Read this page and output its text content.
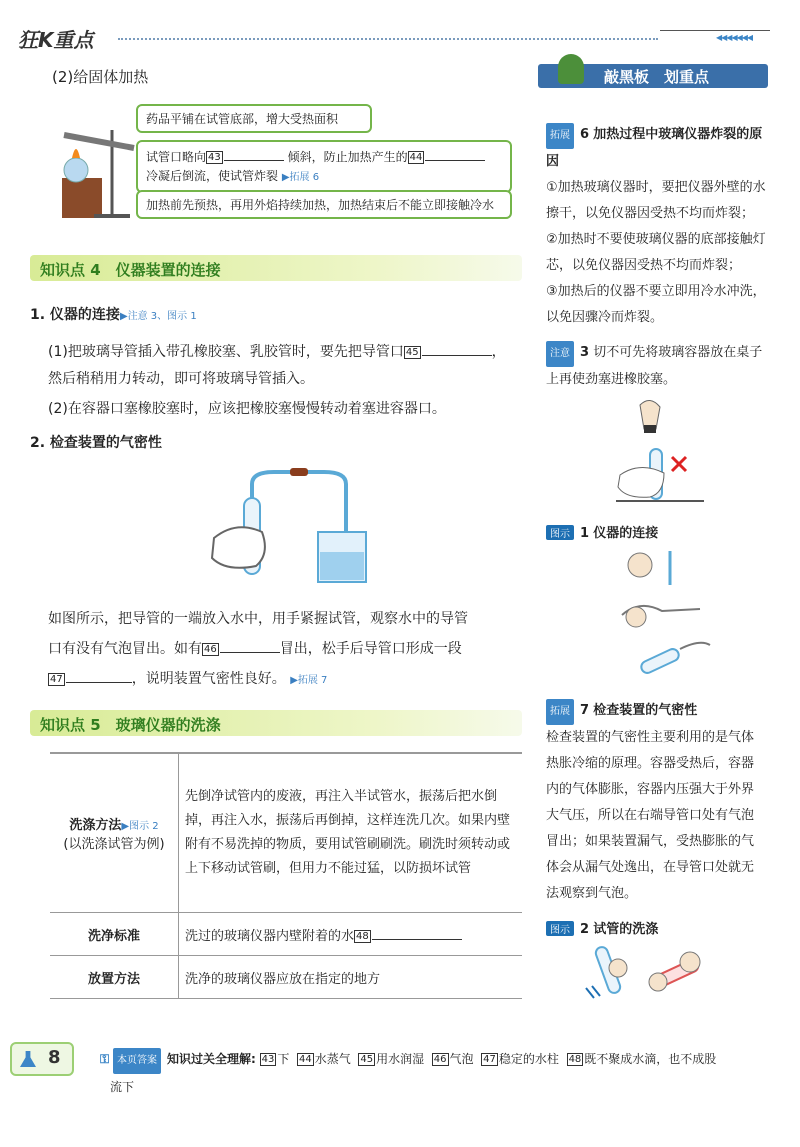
狂K重点	◀◀◀◀◀◀◀
(2)给固体加热
药品平铺在试管底部，增大受热面积
试管口略向 43	倾斜，防止加热产生的 44
冷凝后倒流，使试管炸裂 ▶拓展 6
加热前先预热，再用外焰持续加热，加热结束后不能立即接触冷水
知识点 4　仪器装置的连接
1. 仪器的连接▶注意 3、图示 1
(1)把玻璃导管插入带孔橡胶塞、乳胶管时，要先把导管口 45	，
然后稍稍用力转动，即可将玻璃导管插入。
(2)在容器口塞橡胶塞时，应该把橡胶塞慢慢转动着塞进容器口。
2. 检查装置的气密性
如图所示，把导管的一端放入水中，用手紧握试管，观察水中的导管
口有没有气泡冒出。如有 46	冒出，松手后导管口形成一段
47	，说明装置气密性良好。 ▶拓展 7
知识点 5　玻璃仪器的洗涤
洗涤方法▶图示 2
(以洗涤试管为例)	先倒净试管内的废液，再注入半试管水，振荡后把水倒掉，再注入水，振荡后再倒掉，这样连洗几次。如果内壁附有不易洗掉的物质，要用试管刷刷洗。刷洗时须转动或上下移动试管刷，但用力不能过猛，以防损坏试管
洗净标准	洗过的玻璃仪器内壁附着的水 48
放置方法	洗净的玻璃仪器应放在指定的地方
敲黑板　划重点

拓展 6 加热过程中玻璃仪器炸裂的原因

①加热玻璃仪器时，要把仪器外壁的水擦干，以免仪器因受热不均而炸裂；

②加热时不要使玻璃仪器的底部接触灯芯，以免仪器因受热不均而炸裂；

③加热后的仪器不要立即用冷水冲洗，以免因骤冷而炸裂。

注意 3 切不可先将玻璃容器放在桌子上再使劲塞进橡胶塞。

图示 1 仪器的连接

拓展 7 检查装置的气密性

检查装置的气密性主要利用的是气体热胀冷缩的原理。容器受热后，容器内的气体膨胀，容器内压强大于外界大气压，所以在右端导管口处有气泡冒出；如果装置漏气，受热膨胀的气体会从漏气处逸出，在导管口处就无法观察到气泡。

图示 2 试管的洗涤

8	⚿ 本页答案 知识过关全理解: 43 下 44 水蒸气 45 用水润湿 46 气泡 47 稳定的水柱 48 既不聚成水滴，也不成股
流下
